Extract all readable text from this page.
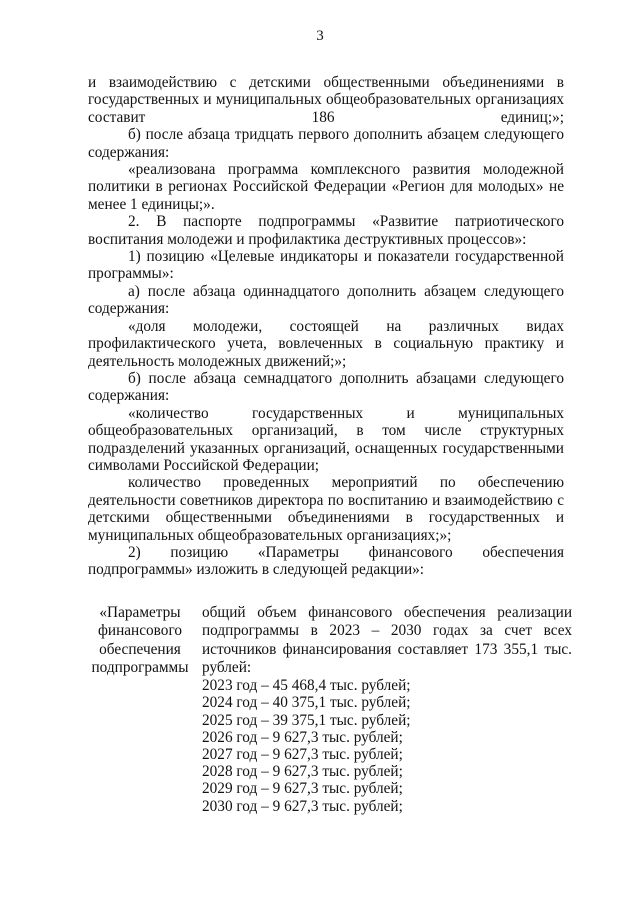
3

и взаимодействию с детскими общественными объединениями в государственных и муниципальных общеобразовательных организациях составит 186 единиц;»;

б) после абзаца тридцать первого дополнить абзацем следующего содержания:

«реализована программа комплексного развития молодежной политики в регионах Российской Федерации «Регион для молодых» не менее 1 единицы;».

2. В паспорте подпрограммы «Развитие патриотического воспитания молодежи и профилактика деструктивных процессов»:

1) позицию «Целевые индикаторы и показатели государственной программы»:

а) после абзаца одиннадцатого дополнить абзацем следующего содержания:

«доля молодежи, состоящей на различных видах профилактического учета, вовлеченных в социальную практику и деятельность молодежных движений;»;

б) после абзаца семнадцатого дополнить абзацами следующего содержания:

«количество государственных и муниципальных общеобразовательных организаций, в том числе структурных подразделений указанных организаций, оснащенных государственными символами Российской Федерации;

количество проведенных мероприятий по обеспечению деятельности советников директора по воспитанию и взаимодействию с детскими общественными объединениями в государственных и муниципальных общеобразовательных организациях;»;

2) позицию «Параметры финансового обеспечения подпрограммы» изложить в следующей редакции»:

«Параметры финансового обеспечения подпрограммы

общий объем финансового обеспечения реализации подпрограммы в 2023 – 2030 годах за счет всех источников финансирования составляет 173 355,1 тыс. рублей:

2023 год – 45 468,4 тыс. рублей;

2024 год – 40 375,1 тыс. рублей;

2025 год – 39 375,1 тыс. рублей;

2026 год – 9 627,3 тыс. рублей;

2027 год – 9 627,3 тыс. рублей;

2028 год – 9 627,3 тыс. рублей;

2029 год – 9 627,3 тыс. рублей;

2030 год – 9 627,3 тыс. рублей;
